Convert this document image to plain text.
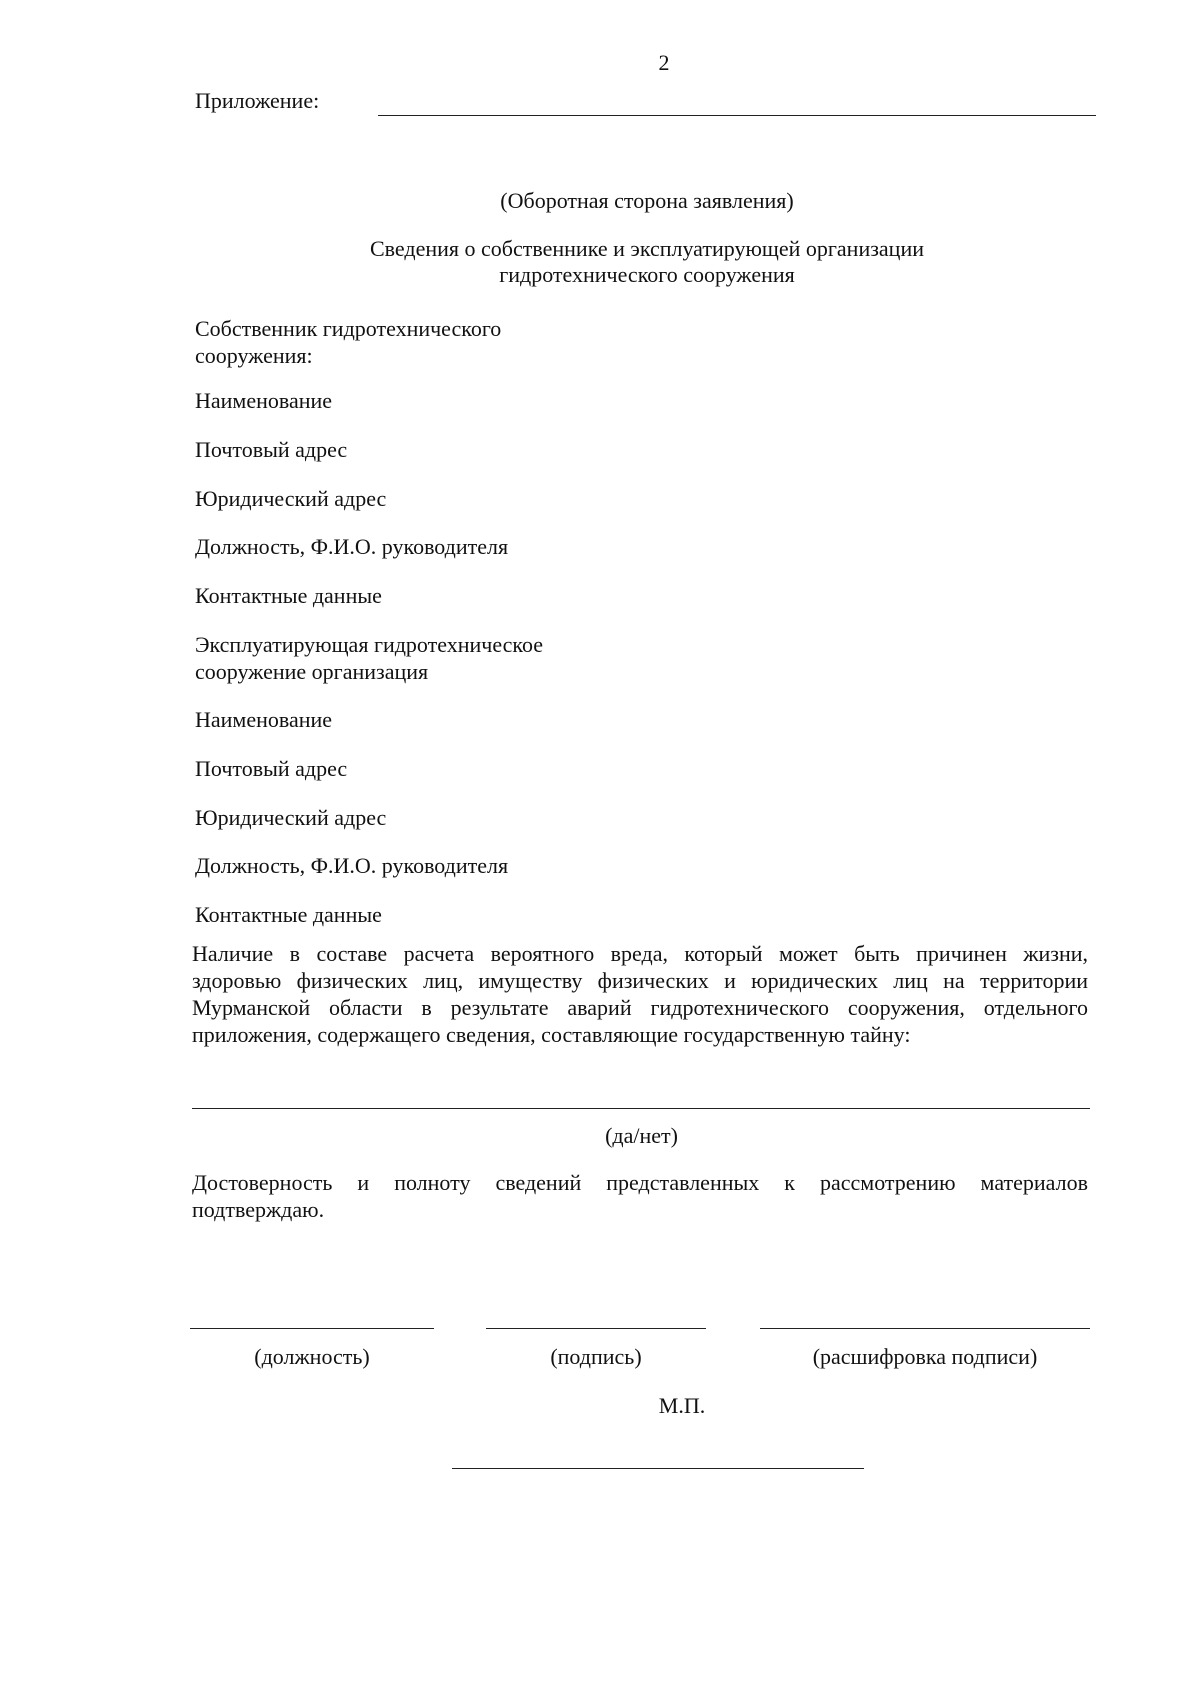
2
Приложение:
(Оборотная сторона заявления)
Сведения о собственнике и эксплуатирующей организации
гидротехнического сооружения
Собственник гидротехнического
сооружения:
Наименование
Почтовый адрес
Юридический адрес
Должность, Ф.И.О. руководителя
Контактные данные
Эксплуатирующая гидротехническое
сооружение организация
Наименование
Почтовый адрес
Юридический адрес
Должность, Ф.И.О. руководителя
Контактные данные
Наличие в составе расчета вероятного вреда, который может быть причинен жизни,
здоровью физических лиц, имуществу физических и юридических лиц на территории
Мурманской области в результате аварий гидротехнического сооружения, отдельного
приложения, содержащего сведения, составляющие государственную тайну:
(да/нет)
Достоверность и полноту сведений представленных к рассмотрению материалов
подтверждаю.
(должность)	(подпись)	(расшифровка подписи)
М.П.
